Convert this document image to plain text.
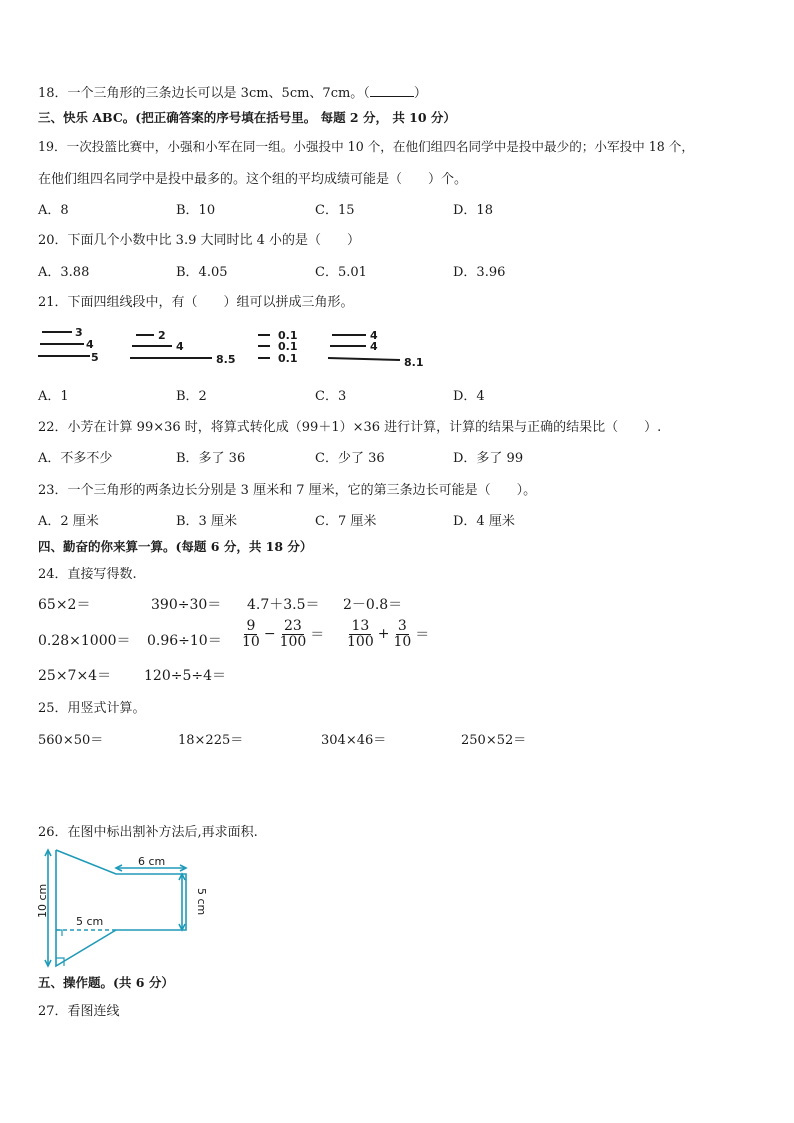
18．一个三角形的三条边长可以是 3cm、5cm、7cm。（	）
三、快乐 ABC。(把正确答案的序号填在括号里。 每题 2 分， 共 10 分）
19．一次投篮比赛中，小强和小军在同一组。小强投中 10 个，在他们组四名同学中是投中最少的；小军投中 18 个，
在他们组四名同学中是投中最多的。这个组的平均成绩可能是（　　）个。
A．8	B．10	C．15	D．18
20．下面几个小数中比 3.9 大同时比 4 小的是（　　）
A．3.88	B．4.05	C．5.01	D．3.96
21．下面四组线段中，有（　　）组可以拼成三角形。
3
4
5
2
4
8.5
0.1
0.1
0.1
4
4
8.1
A．1	B．2	C．3	D．4
22．小芳在计算 99×36 时，将算式转化成（99＋1）×36 进行计算，计算的结果与正确的结果比（　　）.
A．不多不少	B．多了 36	C．少了 36	D．多了 99
23．一个三角形的两条边长分别是 3 厘米和 7 厘米，它的第三条边长可能是（　　）。
A．2 厘米	B．3 厘米	C．7 厘米	D．4 厘米
四、勤奋的你来算一算。(每题 6 分，共 18 分）
24．直接写得数.
65×2＝	390÷30＝ 4.7＋3.5＝ 2－0.8＝
$0.28\times 1000= 0.96\div 10= \frac{9}{10} - \frac{23}{100} = \frac{13}{100} + \frac{3}{10}$ ＝
25×7×4＝ 120÷5÷4＝
25．用竖式计算。
560×50＝	18×225＝	304×46＝	250×52＝
26．在图中标出割补方法后,再求面积.
6 cm
5 cm
10 cm	5 cm
五、操作题。(共 6 分）
27．看图连线
